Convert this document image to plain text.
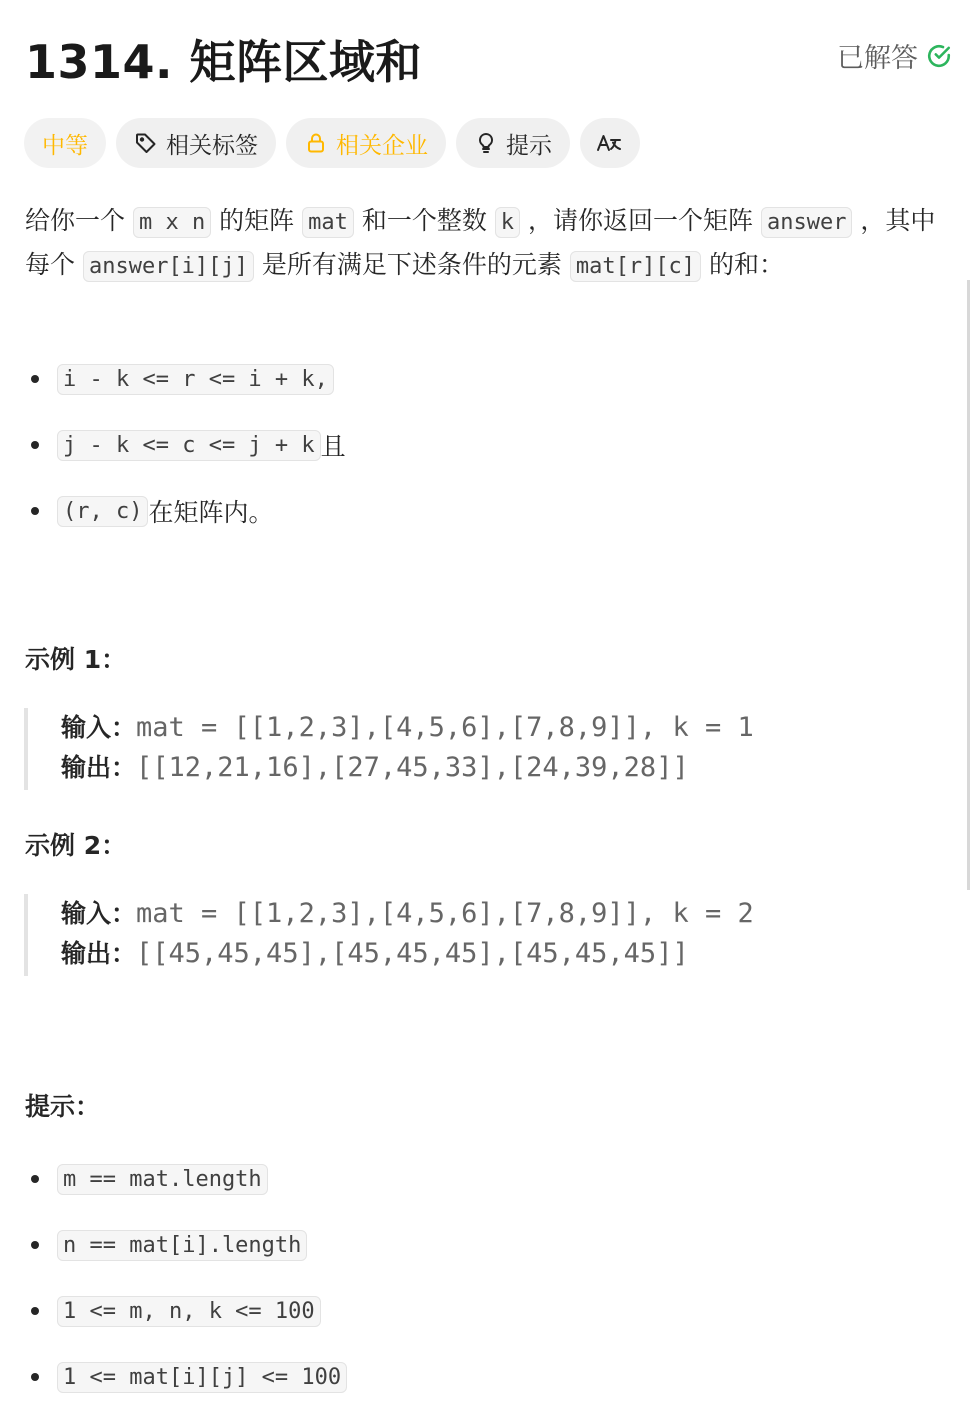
1314. 矩阵区域和	已解答
中等	相关标签	相关企业	提示
给你一个 m x n 的矩阵 mat 和一个整数 k ，请你返回一个矩阵 answer ，其中每个 answer[i][j] 是所有满足下述条件的元素 mat[r][c] 的和：
i - k <= r <= i + k,
j - k <= c <= j + k 且
(r, c) 在矩阵内。
示例 1：
输入：mat = [[1,2,3],[4,5,6],[7,8,9]], k = 1
输出：[[12,21,16],[27,45,33],[24,39,28]]
示例 2：
输入：mat = [[1,2,3],[4,5,6],[7,8,9]], k = 2
输出：[[45,45,45],[45,45,45],[45,45,45]]
提示：
m == mat.length
n == mat[i].length
1 <= m, n, k <= 100
1 <= mat[i][j] <= 100
